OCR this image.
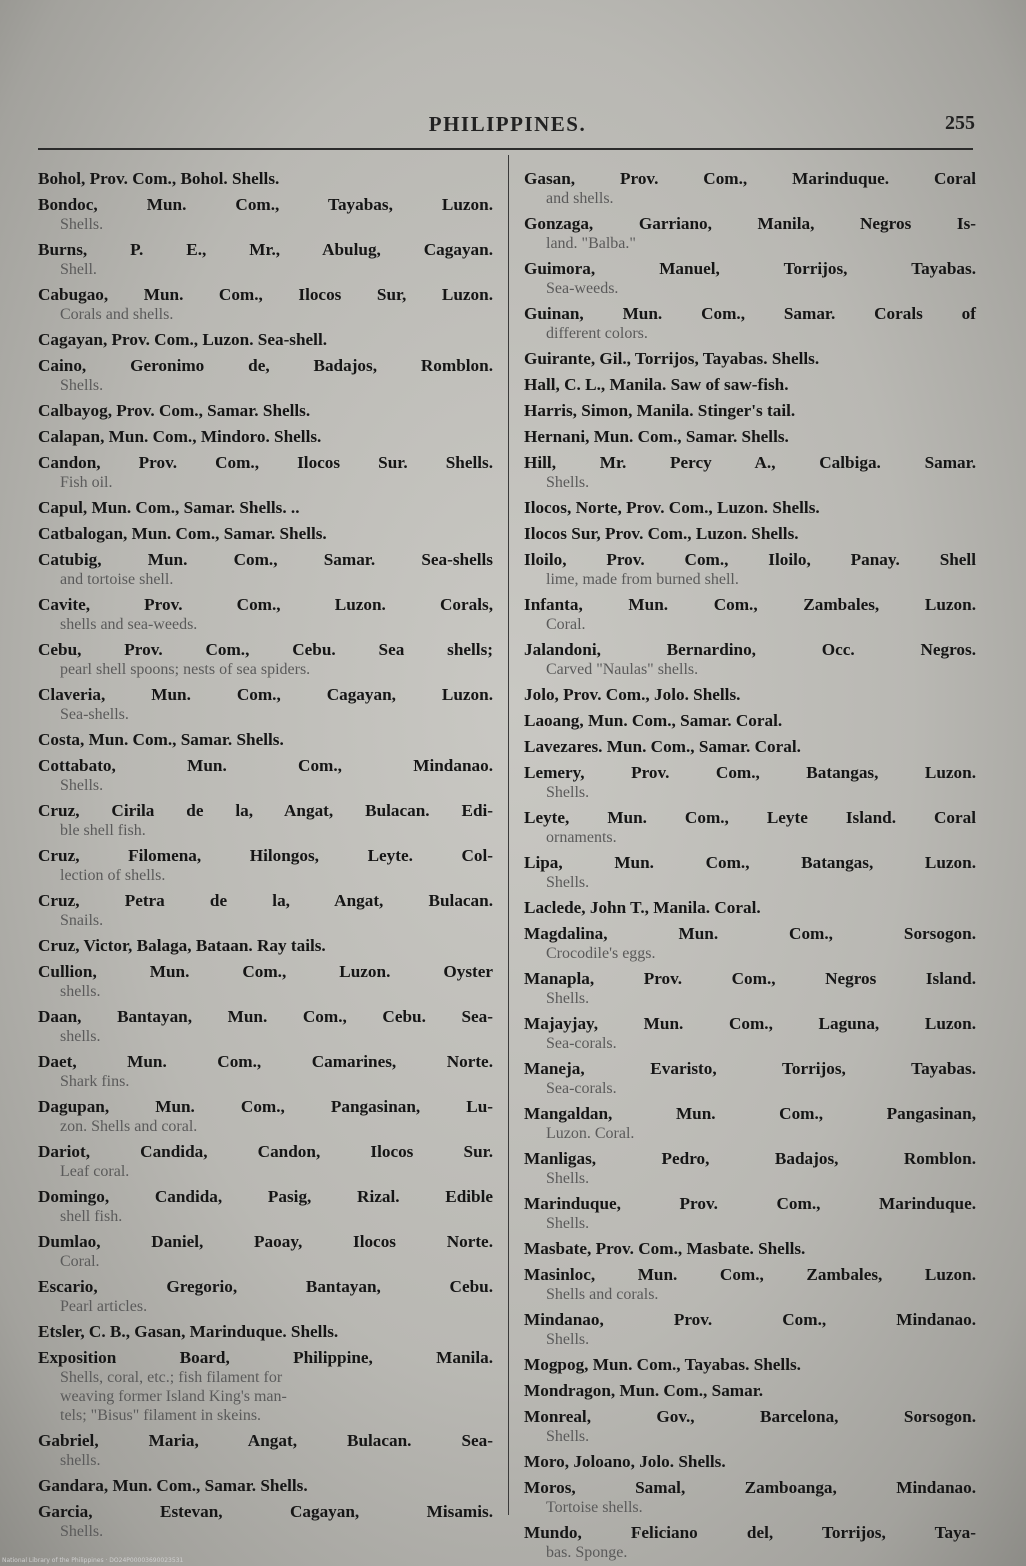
PHILIPPINES.	255
Bohol, Prov. Com., Bohol. Shells.
Bondoc, Mun. Com., Tayabas, Luzon.
Shells.
Burns, P. E., Mr., Abulug, Cagayan.
Shell.
Cabugao, Mun. Com., Ilocos Sur, Luzon.
Corals and shells.
Cagayan, Prov. Com., Luzon. Sea-shell.
Caino, Geronimo de, Badajos, Romblon.
Shells.
Calbayog, Prov. Com., Samar. Shells.
Calapan, Mun. Com., Mindoro. Shells.
Candon, Prov. Com., Ilocos Sur. Shells.
Fish oil.
Capul, Mun. Com., Samar. Shells. ..
Catbalogan, Mun. Com., Samar. Shells.
Catubig, Mun. Com., Samar. Sea-shells
and tortoise shell.
Cavite, Prov. Com., Luzon. Corals,
shells and sea-weeds.
Cebu, Prov. Com., Cebu. Sea shells;
pearl shell spoons; nests of sea spiders.
Claveria, Mun. Com., Cagayan, Luzon.
Sea-shells.
Costa, Mun. Com., Samar. Shells.
Cottabato, Mun. Com., Mindanao.
Shells.
Cruz, Cirila de la, Angat, Bulacan. Edi-
ble shell fish.
Cruz, Filomena, Hilongos, Leyte. Col-
lection of shells.
Cruz, Petra de la, Angat, Bulacan.
Snails.
Cruz, Victor, Balaga, Bataan. Ray tails.
Cullion, Mun. Com., Luzon. Oyster
shells.
Daan, Bantayan, Mun. Com., Cebu. Sea-
shells.
Daet, Mun. Com., Camarines, Norte.
Shark fins.
Dagupan, Mun. Com., Pangasinan, Lu-
zon. Shells and coral.
Dariot, Candida, Candon, Ilocos Sur.
Leaf coral.
Domingo, Candida, Pasig, Rizal. Edible
shell fish.
Dumlao, Daniel, Paoay, Ilocos Norte.
Coral.
Escario, Gregorio, Bantayan, Cebu.
Pearl articles.
Etsler, C. B., Gasan, Marinduque. Shells.
Exposition Board, Philippine, Manila.
Shells, coral, etc.; fish filament for
weaving former Island King's man-
tels; "Bisus" filament in skeins.
Gabriel, Maria, Angat, Bulacan. Sea-
shells.
Gandara, Mun. Com., Samar. Shells.
Garcia, Estevan, Cagayan, Misamis.
Shells.
Gasan, Prov. Com., Marinduque. Coral
and shells.
Gonzaga, Garriano, Manila, Negros Is-
land. "Balba."
Guimora, Manuel, Torrijos, Tayabas.
Sea-weeds.
Guinan, Mun. Com., Samar. Corals of
different colors.
Guirante, Gil., Torrijos, Tayabas. Shells.
Hall, C. L., Manila. Saw of saw-fish.
Harris, Simon, Manila. Stinger's tail.
Hernani, Mun. Com., Samar. Shells.
Hill, Mr. Percy A., Calbiga. Samar.
Shells.
Ilocos, Norte, Prov. Com., Luzon. Shells.
Ilocos Sur, Prov. Com., Luzon. Shells.
Iloilo, Prov. Com., Iloilo, Panay. Shell
lime, made from burned shell.
Infanta, Mun. Com., Zambales, Luzon.
Coral.
Jalandoni, Bernardino, Occ. Negros.
Carved "Naulas" shells.
Jolo, Prov. Com., Jolo. Shells.
Laoang, Mun. Com., Samar. Coral.
Lavezares. Mun. Com., Samar. Coral.
Lemery, Prov. Com., Batangas, Luzon.
Shells.
Leyte, Mun. Com., Leyte Island. Coral
ornaments.
Lipa, Mun. Com., Batangas, Luzon.
Shells.
Laclede, John T., Manila. Coral.
Magdalina, Mun. Com., Sorsogon.
Crocodile's eggs.
Manapla, Prov. Com., Negros Island.
Shells.
Majayjay, Mun. Com., Laguna, Luzon.
Sea-corals.
Maneja, Evaristo, Torrijos, Tayabas.
Sea-corals.
Mangaldan, Mun. Com., Pangasinan,
Luzon. Coral.
Manligas, Pedro, Badajos, Romblon.
Shells.
Marinduque, Prov. Com., Marinduque.
Shells.
Masbate, Prov. Com., Masbate. Shells.
Masinloc, Mun. Com., Zambales, Luzon.
Shells and corals.
Mindanao, Prov. Com., Mindanao.
Shells.
Mogpog, Mun. Com., Tayabas. Shells.
Mondragon, Mun. Com., Samar.
Monreal, Gov., Barcelona, Sorsogon.
Shells.
Moro, Joloano, Jolo. Shells.
Moros, Samal, Zamboanga, Mindanao.
Tortoise shells.
Mundo, Feliciano del, Torrijos, Taya-
bas. Sponge.
National Library of the Philippines · DO24P00003690023531
